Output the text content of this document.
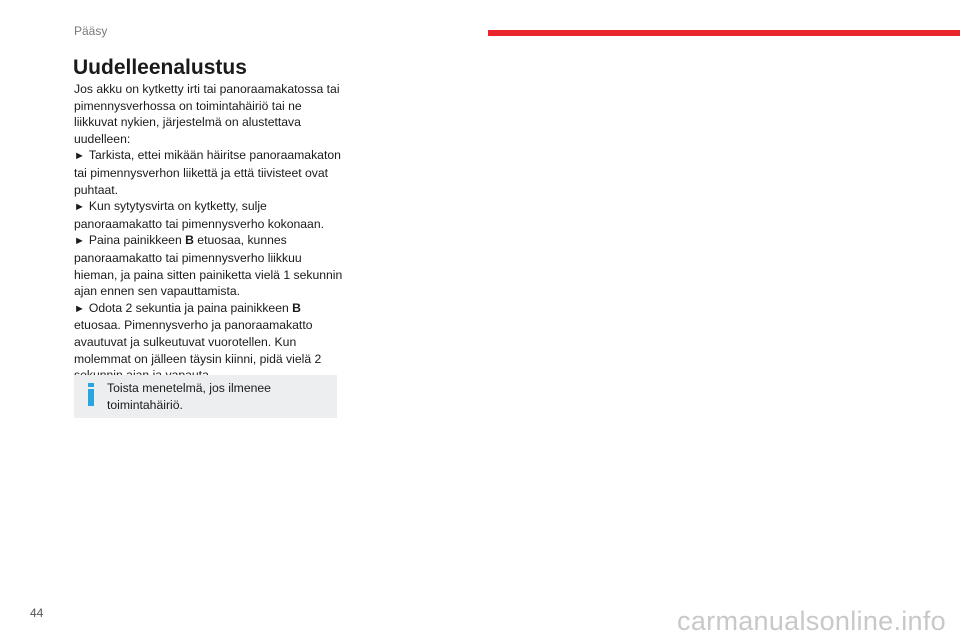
Pääsy
Uudelleenalustus

Jos akku on kytketty irti tai panoraamakatossa tai pimennysverhossa on toimintahäiriö tai ne liikkuvat nykien, järjestelmä on alustettava uudelleen:

► Tarkista, ettei mikään häiritse panoraamakaton tai pimennysverhon liikettä ja että tiivisteet ovat puhtaat.

► Kun sytytysvirta on kytketty, sulje panoraamakatto tai pimennysverho kokonaan.

► Paina painikkeen B etuosaa, kunnes panoraamakatto tai pimennysverho liikkuu hieman, ja paina sitten painiketta vielä 1 sekunnin ajan ennen sen vapauttamista.

► Odota 2 sekuntia ja paina painikkeen B etuosaa. Pimennysverho ja panoraamakatto avautuvat ja sulkeutuvat vuorotellen. Kun molemmat on jälleen täysin kiinni, pidä vielä 2

Toista menetelmä, jos ilmenee toimintahäiriö.
44	carmanualsonline.info
